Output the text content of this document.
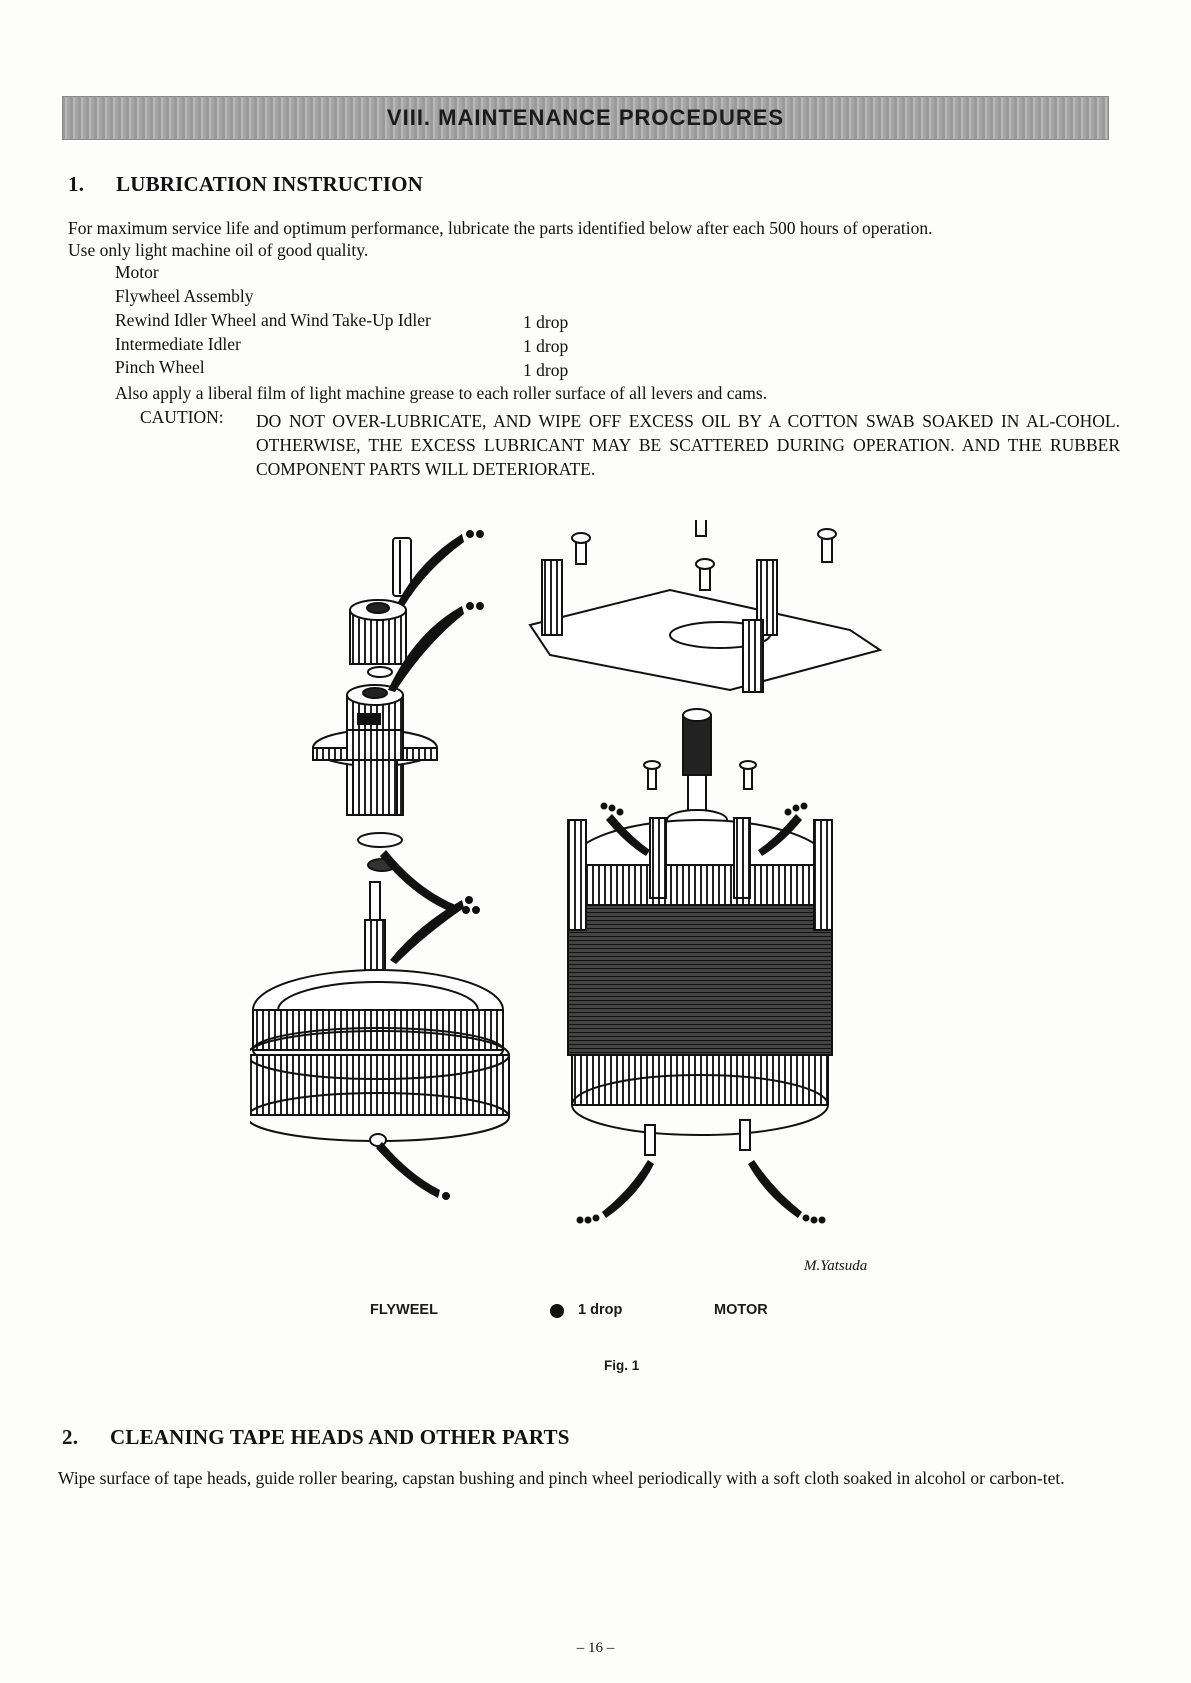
VIII. MAINTENANCE PROCEDURES
1. LUBRICATION INSTRUCTION
For maximum service life and optimum performance, lubricate the parts identified below after each 500 hours of operation.
Use only light machine oil of good quality.
Motor
Flywheel Assembly
Rewind Idler Wheel and Wind Take-Up Idler	1 drop
Intermediate Idler	1 drop
Pinch Wheel	1 drop
Also apply a liberal film of light machine grease to each roller surface of all levers and cams.
CAUTION: DO NOT OVER-LUBRICATE, AND WIPE OFF EXCESS OIL BY A COTTON SWAB SOAKED IN AL-COHOL. OTHERWISE, THE EXCESS LUBRICANT MAY BE SCATTERED DURING OPERATION. AND THE RUBBER COMPONENT PARTS WILL DETERIORATE.
M.Yatsuda
FLYWEEL	1 drop	MOTOR
Fig. 1
2. CLEANING TAPE HEADS AND OTHER PARTS
Wipe surface of tape heads, guide roller bearing, capstan bushing and pinch wheel periodically with a soft cloth soaked in alcohol or carbon-tet.
– 16 –
